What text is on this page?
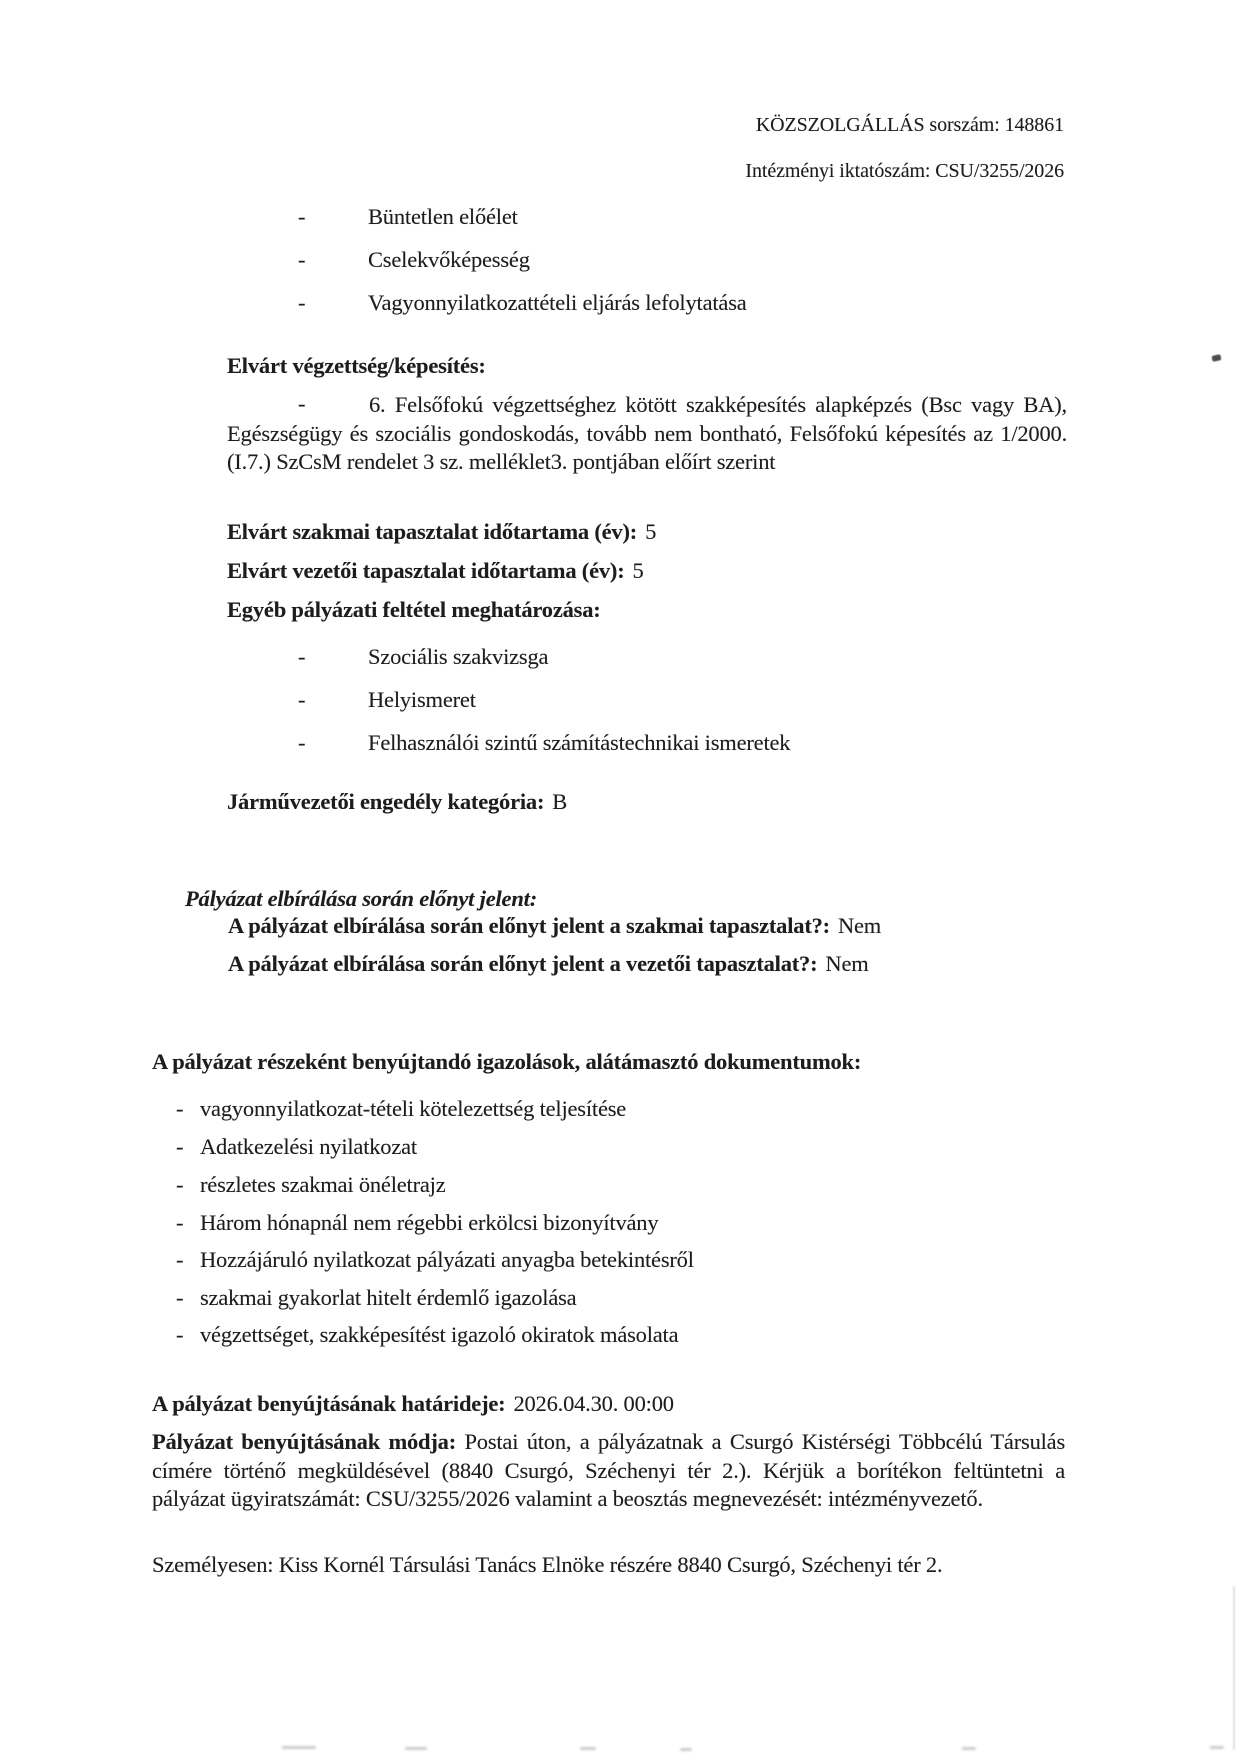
KÖZSZOLGÁLLÁS sorszám: 148861
Intézményi iktatószám: CSU/3255/2026
-	Büntetlen előélet
-	Cselekvőképesség
-	Vagyonnyilatkozattételi eljárás lefolytatása
Elvárt végzettség/képesítés:
-	6. Felsőfokú végzettséghez kötött szakképesítés alapképzés (Bsc vagy BA), Egészségügy és szociális gondoskodás, tovább nem bontható, Felsőfokú képesítés az 1/2000. (I.7.) SzCsM rendelet 3 sz. melléklet3. pontjában előírt szerint

Elvárt szakmai tapasztalat időtartama (év): 5
Elvárt vezetői tapasztalat időtartama (év): 5
Egyéb pályázati feltétel meghatározása:
-	Szociális szakvizsga
-	Helyismeret
-	Felhasználói szintű számítástechnikai ismeretek
Járművezetői engedély kategória: B
Pályázat elbírálása során előnyt jelent:
A pályázat elbírálása során előnyt jelent a szakmai tapasztalat?: Nem
A pályázat elbírálása során előnyt jelent a vezetői tapasztalat?: Nem
A pályázat részeként benyújtandó igazolások, alátámasztó dokumentumok:
- vagyonnyilatkozat-tételi kötelezettség teljesítése
- Adatkezelési nyilatkozat
- részletes szakmai önéletrajz
- Három hónapnál nem régebbi erkölcsi bizonyítvány
- Hozzájáruló nyilatkozat pályázati anyagba betekintésről
- szakmai gyakorlat hitelt érdemlő igazolása
- végzettséget, szakképesítést igazoló okiratok másolata
A pályázat benyújtásának határideje: 2026.04.30. 00:00

Pályázat benyújtásának módja: Postai úton, a pályázatnak a Csurgó Kistérségi Többcélú Társulás címére történő megküldésével (8840 Csurgó, Széchenyi tér 2.). Kérjük a borítékon feltüntetni a pályázat ügyiratszámát: CSU/3255/2026 valamint a beosztás megnevezését: intézményvezető.

Személyesen: Kiss Kornél Társulási Tanács Elnöke részére 8840 Csurgó, Széchenyi tér 2.
